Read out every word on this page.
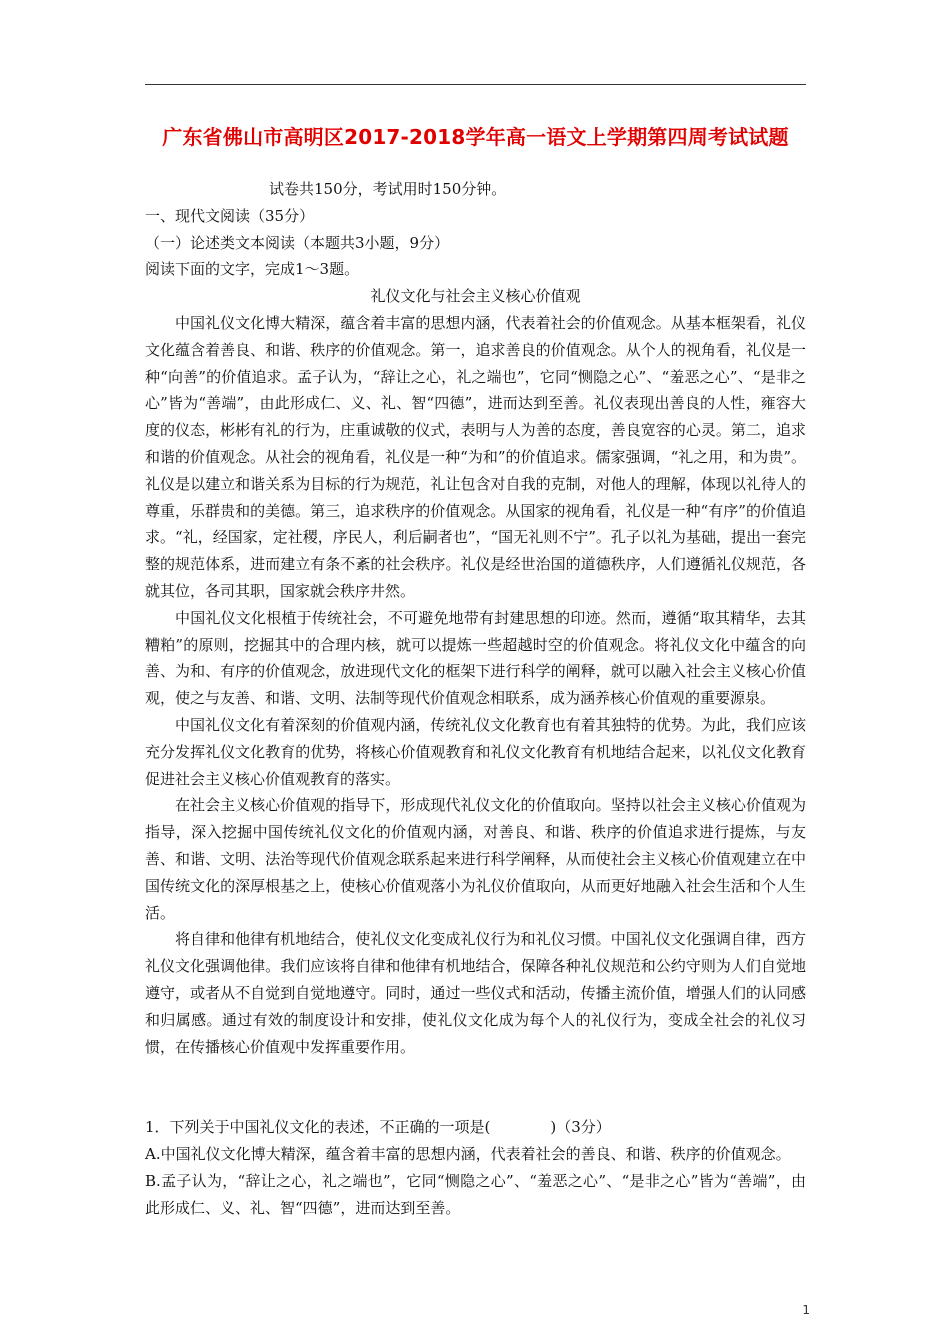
广东省佛山市高明区2017-2018学年高一语文上学期第四周考试试题

试卷共150分，考试用时150分钟。

一、现代文阅读（35分）

（一）论述类文本阅读（本题共3小题，9分）

阅读下面的文字，完成1～3题。

礼仪文化与社会主义核心价值观

中国礼仪文化博大精深，蕴含着丰富的思想内涵，代表着社会的价值观念。从基本框架看，礼仪文化蕴含着善良、和谐、秩序的价值观念。第一，追求善良的价值观念。从个人的视角看，礼仪是一种“向善”的价值追求。孟子认为，“辞让之心，礼之端也”，它同“恻隐之心”、“羞恶之心”、“是非之心”皆为“善端”，由此形成仁、义、礼、智“四德”，进而达到至善。礼仪表现出善良的人性，雍容大度的仪态，彬彬有礼的行为，庄重诚敬的仪式，表明与人为善的态度，善良宽容的心灵。第二，追求和谐的价值观念。从社会的视角看，礼仪是一种“为和”的价值追求。儒家强调，“礼之用，和为贵”。礼仪是以建立和谐关系为目标的行为规范，礼让包含对自我的克制，对他人的理解，体现以礼待人的尊重，乐群贵和的美德。第三，追求秩序的价值观念。从国家的视角看，礼仪是一种“有序”的价值追求。“礼，经国家，定社稷，序民人，利后嗣者也”，“国无礼则不宁”。孔子以礼为基础，提出一套完整的规范体系，进而建立有条不紊的社会秩序。礼仪是经世治国的道德秩序，人们遵循礼仪规范，各就其位，各司其职，国家就会秩序井然。

中国礼仪文化根植于传统社会，不可避免地带有封建思想的印迹。然而，遵循“取其精华，去其糟粕”的原则，挖掘其中的合理内核，就可以提炼一些超越时空的价值观念。将礼仪文化中蕴含的向善、为和、有序的价值观念，放进现代文化的框架下进行科学的阐释，就可以融入社会主义核心价值观，使之与友善、和谐、文明、法制等现代价值观念相联系，成为涵养核心价值观的重要源泉。

中国礼仪文化有着深刻的价值观内涵，传统礼仪文化教育也有着其独特的优势。为此，我们应该充分发挥礼仪文化教育的优势，将核心价值观教育和礼仪文化教育有机地结合起来，以礼仪文化教育促进社会主义核心价值观教育的落实。

在社会主义核心价值观的指导下，形成现代礼仪文化的价值取向。坚持以社会主义核心价值观为指导，深入挖掘中国传统礼仪文化的价值观内涵，对善良、和谐、秩序的价值追求进行提炼，与友善、和谐、文明、法治等现代价值观念联系起来进行科学阐释，从而使社会主义核心价值观建立在中国传统文化的深厚根基之上，使核心价值观落小为礼仪价值取向，从而更好地融入社会生活和个人生活。

将自律和他律有机地结合，使礼仪文化变成礼仪行为和礼仪习惯。中国礼仪文化强调自律，西方礼仪文化强调他律。我们应该将自律和他律有机地结合，保障各种礼仪规范和公约守则为人们自觉地遵守，或者从不自觉到自觉地遵守。同时，通过一些仪式和活动，传播主流价值，增强人们的认同感和归属感。通过有效的制度设计和安排，使礼仪文化成为每个人的礼仪行为，变成全社会的礼仪习惯，在传播核心价值观中发挥重要作用。

1．下列关于中国礼仪文化的表述，不正确的一项是(　　　　)（3分）

A.中国礼仪文化博大精深，蕴含着丰富的思想内涵，代表着社会的善良、和谐、秩序的价值观念。

B.孟子认为，“辞让之心，礼之端也”，它同“恻隐之心”、“羞恶之心”、“是非之心”皆为“善端”，由此形成仁、义、礼、智“四德”，进而达到至善。

1
